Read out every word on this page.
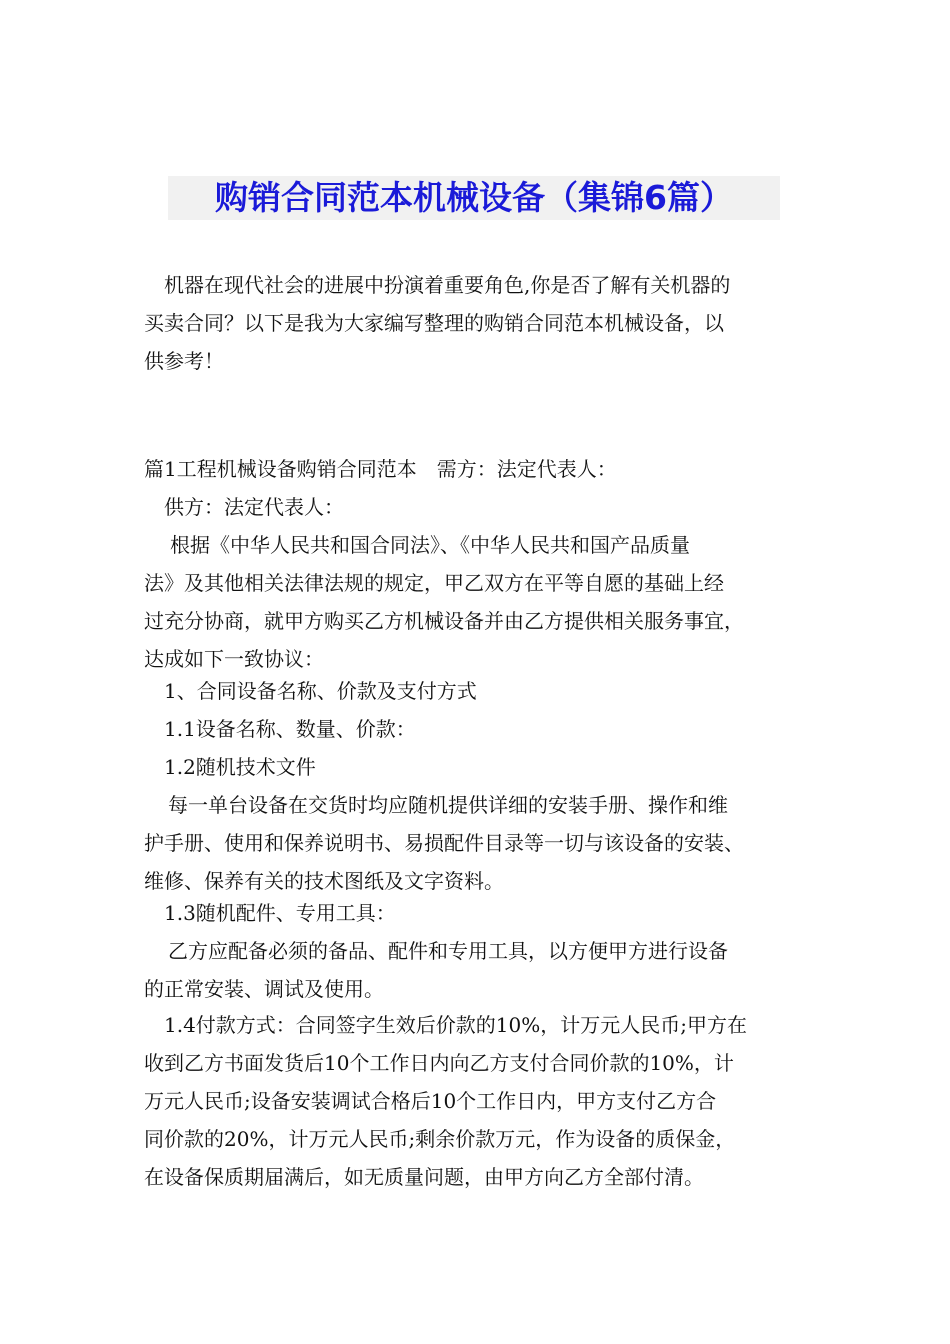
购销合同范本机械设备（集锦6篇）
机器在现代社会的进展中扮演着重要角色,你是否了解有关机器的
买卖合同？以下是我为大家编写整理的购销合同范本机械设备，以
供参考！
篇1工程机械设备购销合同范本　需方：法定代表人：
供方：法定代表人：
根据《中华人民共和国合同法》、《中华人民共和国产品质量
法》及其他相关法律法规的规定，甲乙双方在平等自愿的基础上经
过充分协商，就甲方购买乙方机械设备并由乙方提供相关服务事宜，
达成如下一致协议：
1、合同设备名称、价款及支付方式
1.1设备名称、数量、价款：
1.2随机技术文件
每一单台设备在交货时均应随机提供详细的安装手册、操作和维
护手册、使用和保养说明书、易损配件目录等一切与该设备的安装、
维修、保养有关的技术图纸及文字资料。
1.3随机配件、专用工具：
乙方应配备必须的备品、配件和专用工具，以方便甲方进行设备
的正常安装、调试及使用。
1.4付款方式：合同签字生效后价款的10%，计万元人民币;甲方在
收到乙方书面发货后10个工作日内向乙方支付合同价款的10%，计
万元人民币;设备安装调试合格后10个工作日内，甲方支付乙方合
同价款的20%，计万元人民币;剩余价款万元，作为设备的质保金，
在设备保质期届满后，如无质量问题，由甲方向乙方全部付清。
